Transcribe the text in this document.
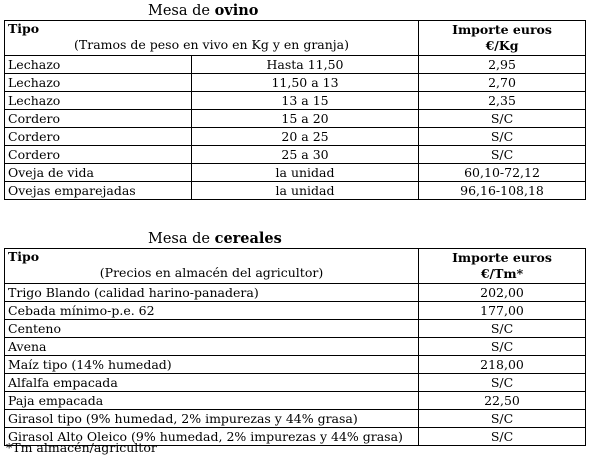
Mesa de ovino
Tipo
(Tramos de peso en vivo en Kg y en granja)		Importe euros
€/Kg

Lechazo	Hasta 11,50	2,95
Lechazo	11,50 a 13	2,70
Lechazo	13 a 15	2,35
Cordero	15 a 20	S/C
Cordero	20 a 25	S/C
Cordero	25 a 30	S/C
Oveja de vida	la unidad	60,10-72,12
Ovejas emparejadas	la unidad	96,16-108,18
Mesa de cereales
Tipo
(Precios en almacén del agricultor)	Importe euros
€/Tm*

Trigo Blando (calidad harino-panadera)	202,00
Cebada mínimo-p.e. 62	177,00
Centeno	S/C
Avena	S/C
Maíz tipo (14% humedad)	218,00
Alfalfa empacada	S/C
Paja empacada	22,50
Girasol tipo (9% humedad, 2% impurezas y 44% grasa)	S/C
Girasol Alto Oleico (9% humedad, 2% impurezas y 44% grasa)	S/C
*Tm almacén/agricultor
